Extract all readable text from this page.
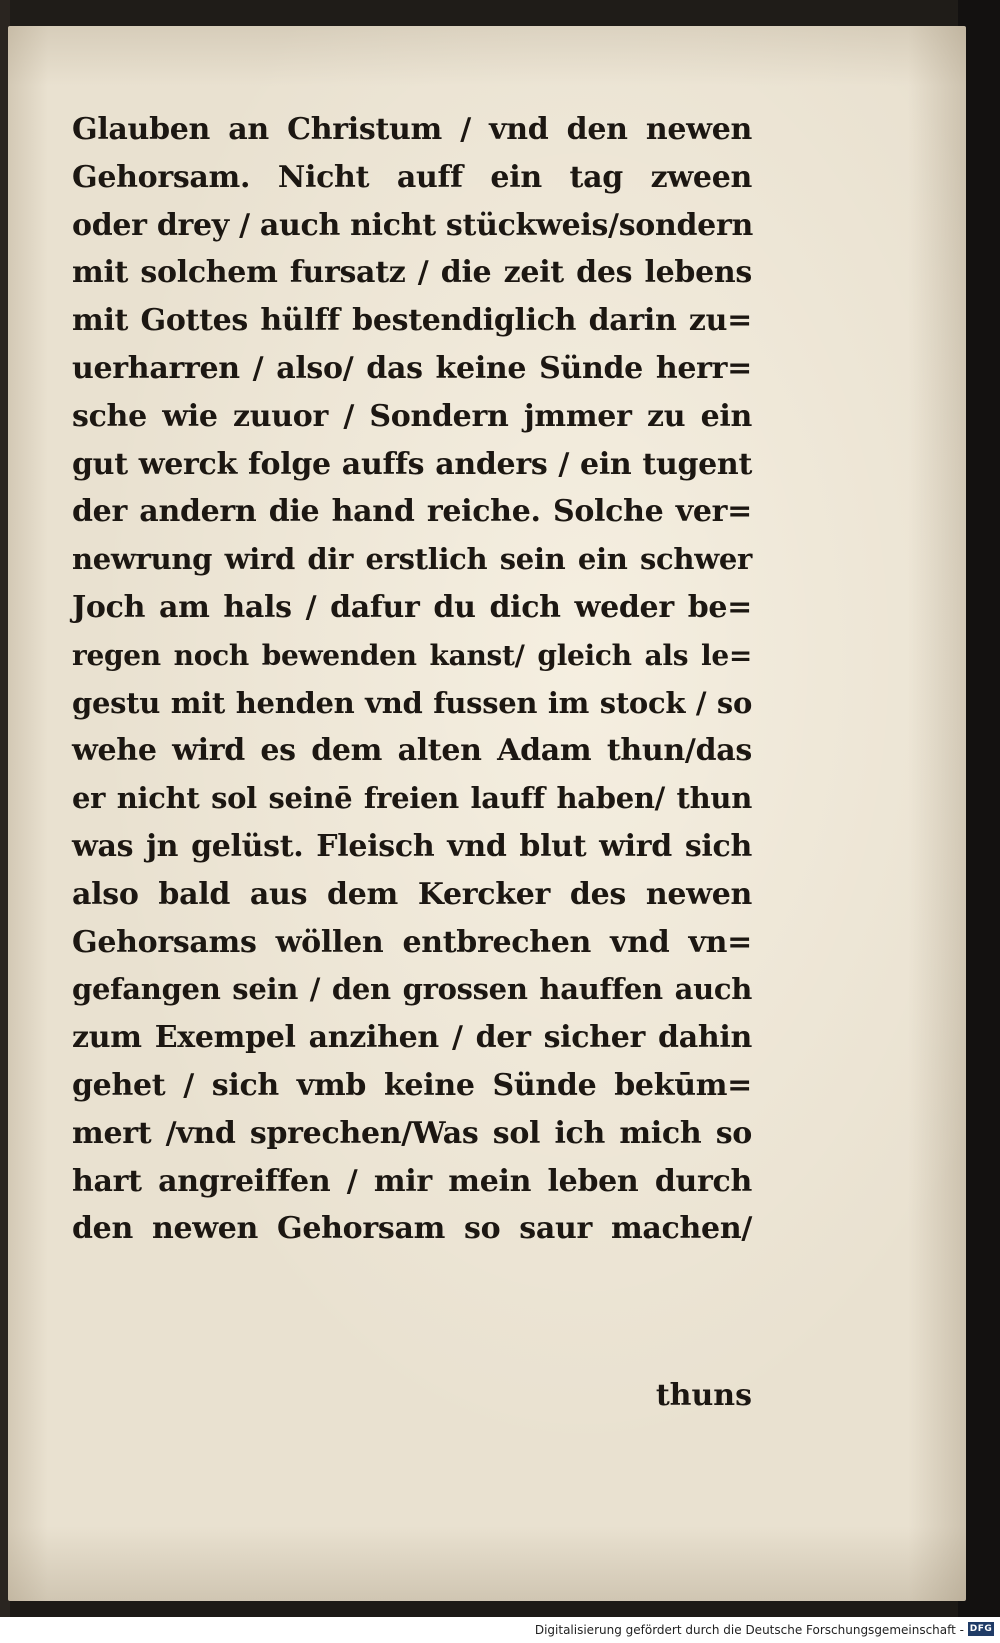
Glauben an Christum / vnd den newen
Gehorsam. Nicht auff ein tag zween
oder drey / auch nicht stückweis/sondern
mit solchem fursatz / die zeit des lebens
mit Gottes hülff bestendiglich darin zu=
uerharren / also/ das keine Sünde herr=
sche wie zuuor / Sondern jmmer zu ein
gut werck folge auffs anders / ein tugent
der andern die hand reiche. Solche ver=
newrung wird dir erstlich sein ein schwer
Joch am hals / dafur du dich weder be=
regen noch bewenden kanst/ gleich als le=
gestu mit henden vnd fussen im stock / so
wehe wird es dem alten Adam thun/das
er nicht sol seinē freien lauff haben/ thun
was jn gelüst. Fleisch vnd blut wird sich
also bald aus dem Kercker des newen
Gehorsams wöllen entbrechen vnd vn=
gefangen sein / den grossen hauffen auch
zum Exempel anzihen / der sicher dahin
gehet / sich vmb keine Sünde bekūm=
mert /vnd sprechen/Was sol ich mich so
hart angreiffen / mir mein leben durch
den newen Gehorsam so saur machen/
thuns
Digitalisierung gefördert durch die Deutsche Forschungsgemeinschaft - DFG
